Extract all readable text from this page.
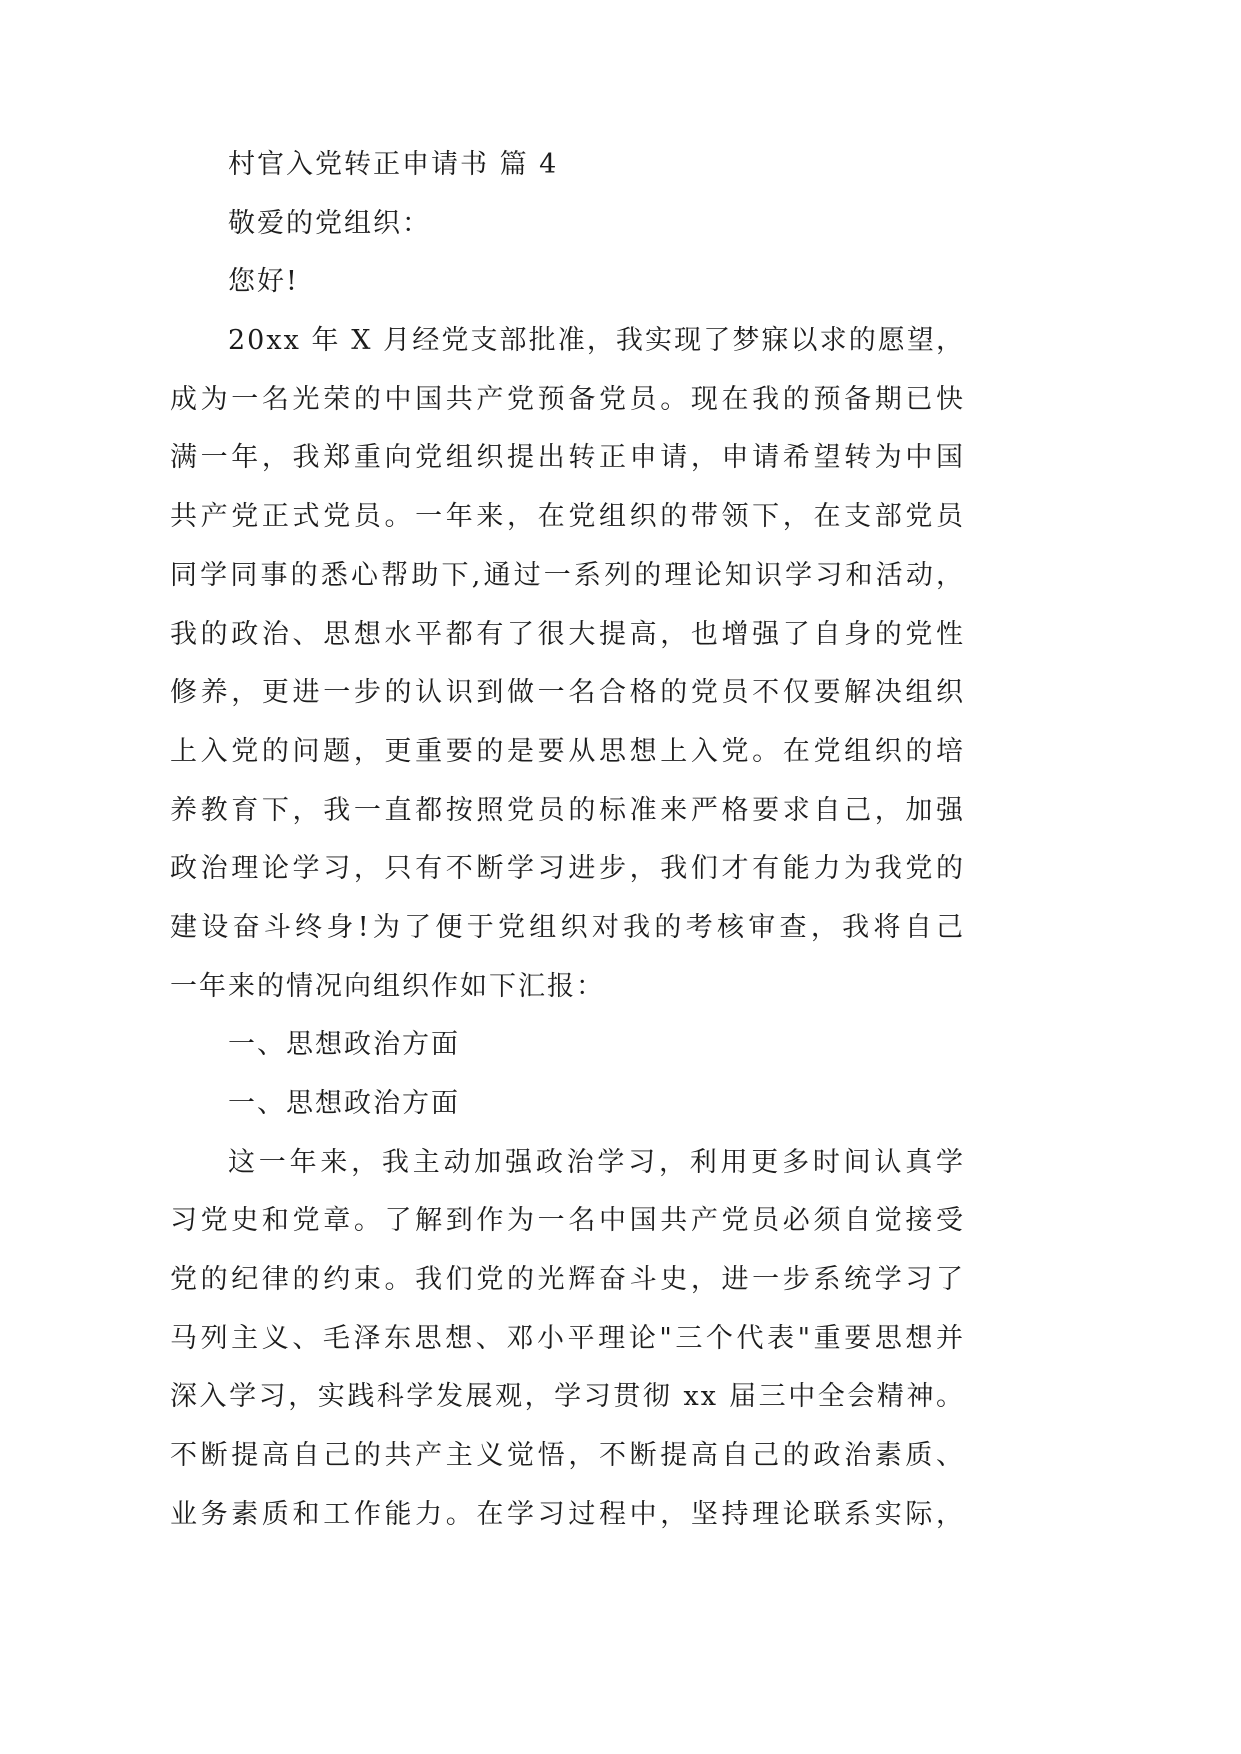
村官入党转正申请书 篇 4
敬爱的党组织：
您好!
20xx 年 X 月经党支部批准，我实现了梦寐以求的愿望，
成为一名光荣的中国共产党预备党员。现在我的预备期已快
满一年，我郑重向党组织提出转正申请，申请希望转为中国
共产党正式党员。一年来，在党组织的带领下，在支部党员
同学同事的悉心帮助下,通过一系列的理论知识学习和活动，
我的政治、思想水平都有了很大提高，也增强了自身的党性
修养，更进一步的认识到做一名合格的党员不仅要解决组织
上入党的问题，更重要的是要从思想上入党。在党组织的培
养教育下，我一直都按照党员的标准来严格要求自己，加强
政治理论学习，只有不断学习进步，我们才有能力为我党的
建设奋斗终身!为了便于党组织对我的考核审查，我将自己
一年来的情况向组织作如下汇报：
一、思想政治方面
一、思想政治方面
这一年来，我主动加强政治学习，利用更多时间认真学
习党史和党章。了解到作为一名中国共产党员必须自觉接受
党的纪律的约束。我们党的光辉奋斗史，进一步系统学习了
马列主义、毛泽东思想、邓小平理论"三个代表"重要思想并
深入学习，实践科学发展观，学习贯彻 xx 届三中全会精神。
不断提高自己的共产主义觉悟，不断提高自己的政治素质、
业务素质和工作能力。在学习过程中，坚持理论联系实际，
